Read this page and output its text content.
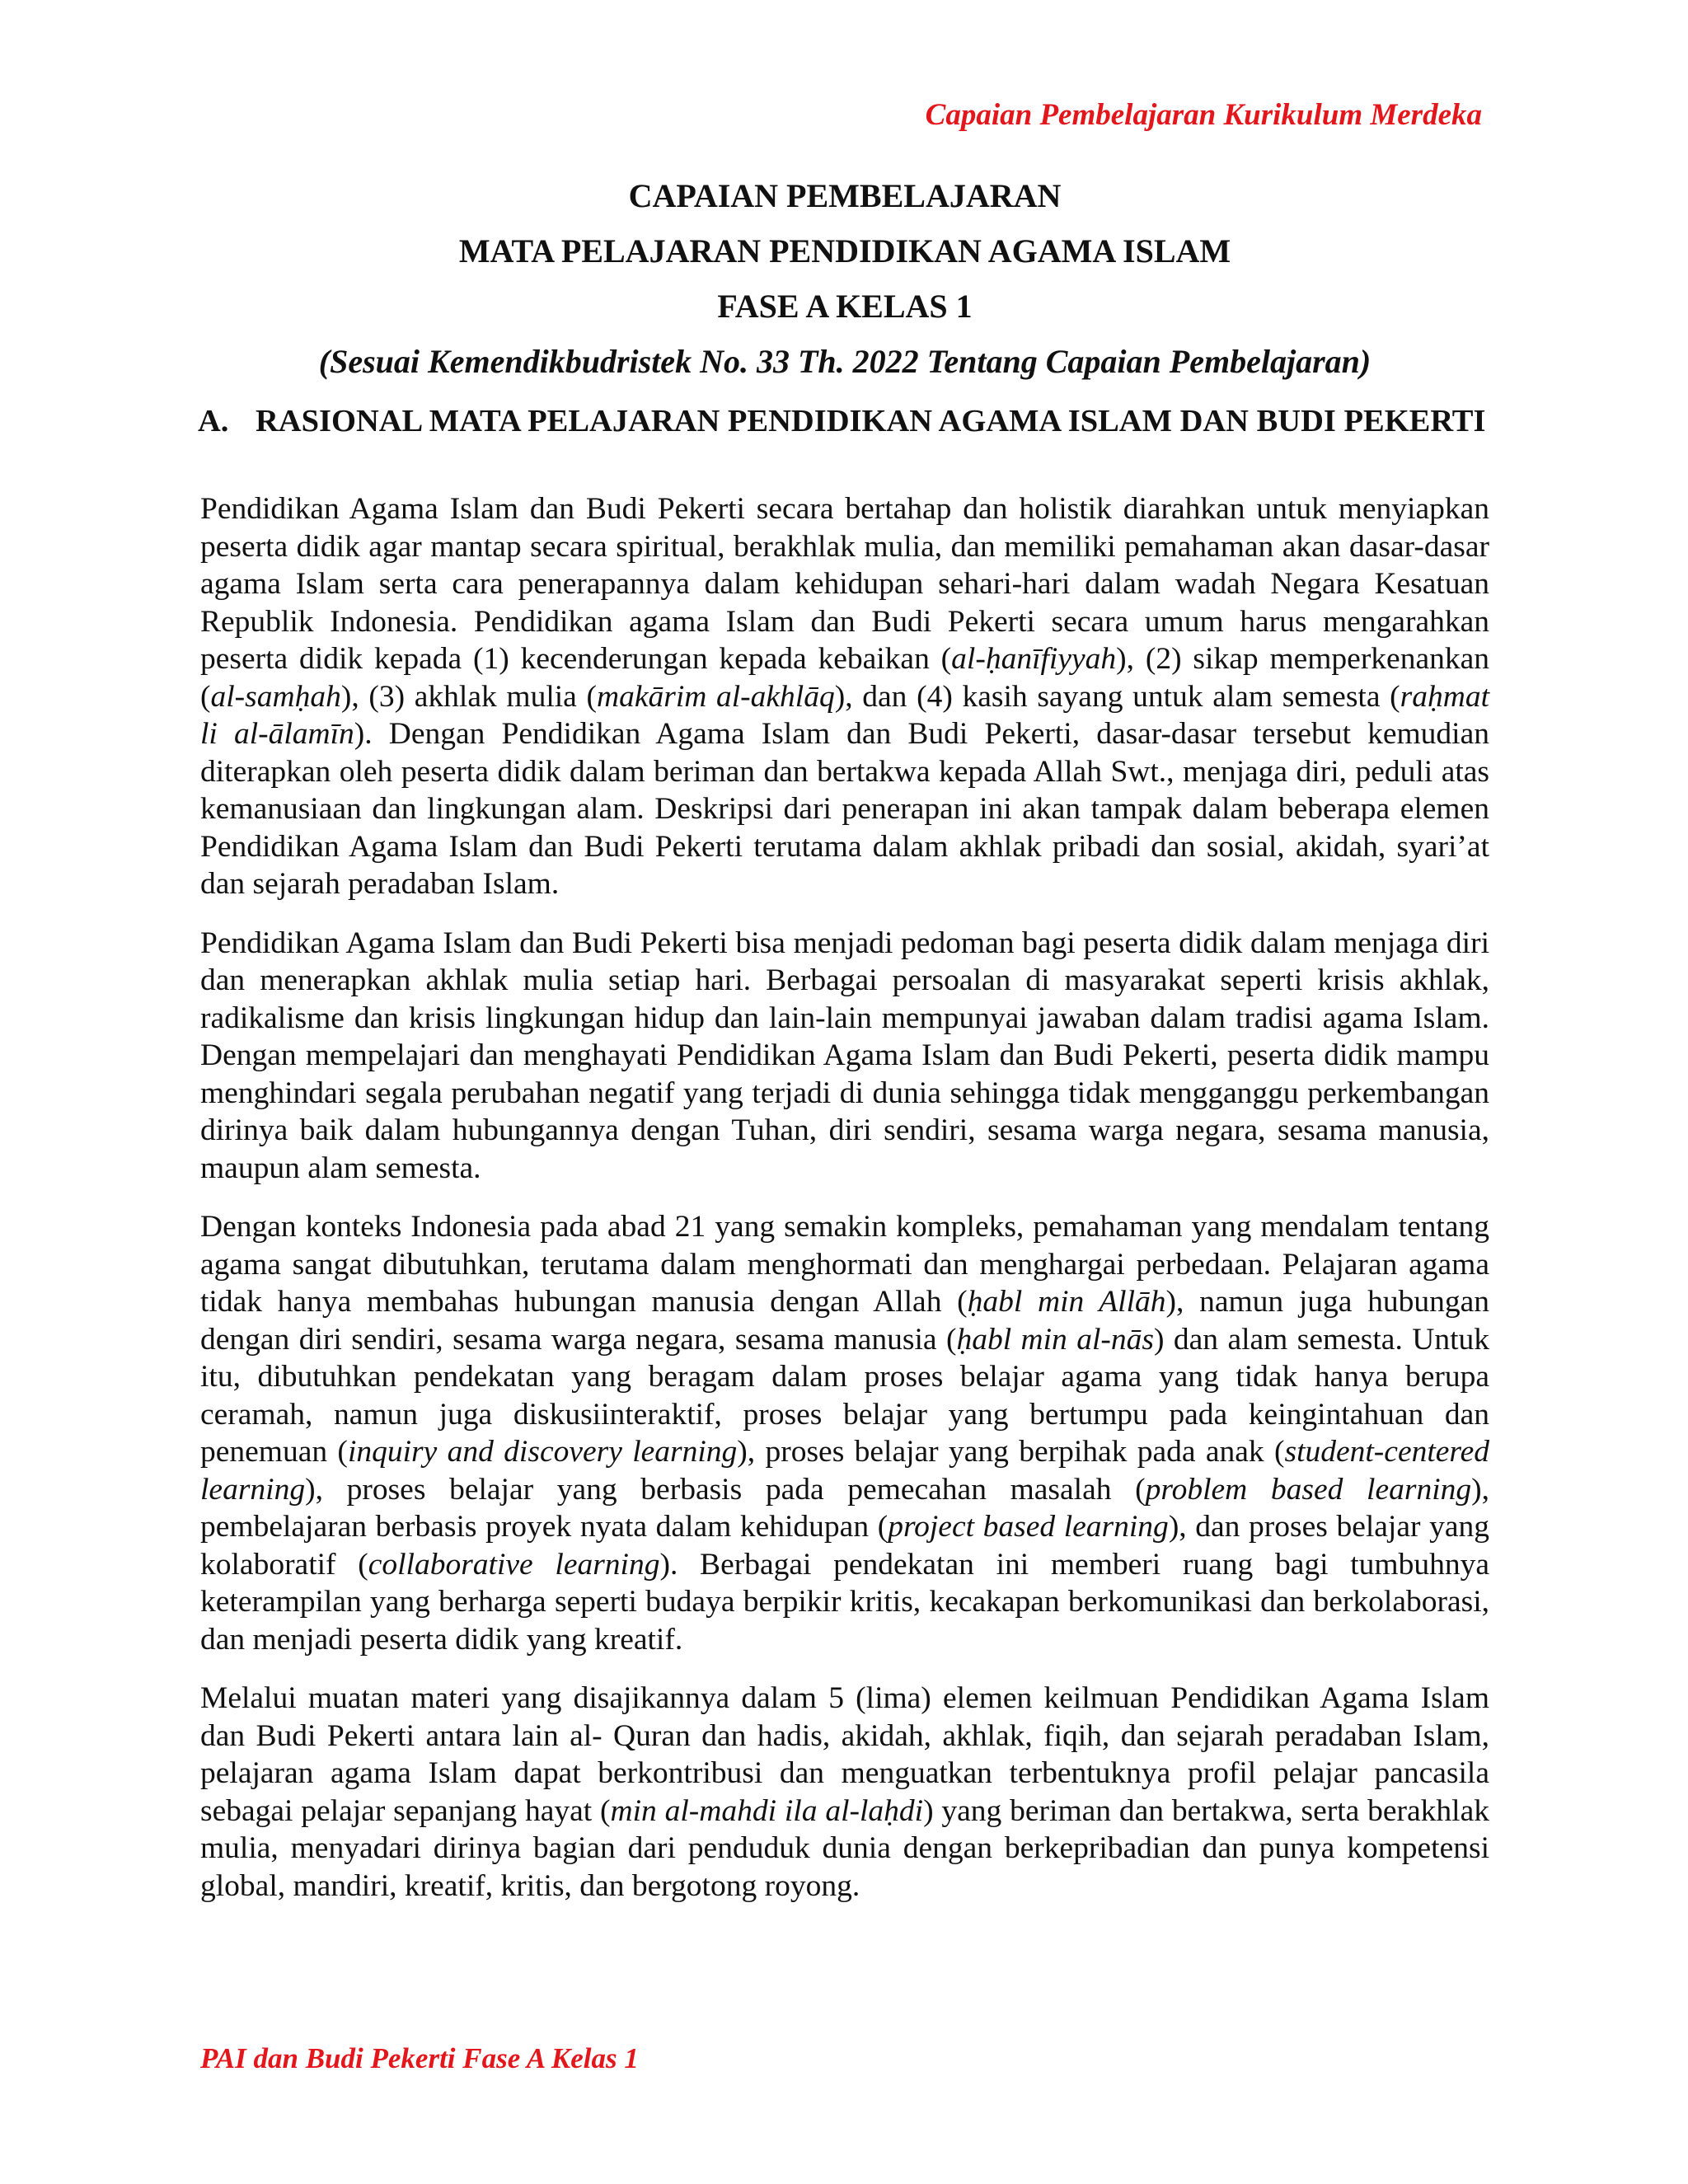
Capaian Pembelajaran Kurikulum Merdeka
CAPAIAN PEMBELAJARAN
MATA PELAJARAN PENDIDIKAN AGAMA ISLAM
FASE A KELAS 1
(Sesuai Kemendikbudristek No. 33 Th. 2022 Tentang Capaian Pembelajaran)
A. RASIONAL MATA PELAJARAN PENDIDIKAN AGAMA ISLAM DAN BUDI PEKERTI

Pendidikan Agama Islam dan Budi Pekerti secara bertahap dan holistik diarahkan untuk menyiapkan peserta didik agar mantap secara spiritual, berakhlak mulia, dan memiliki pemahaman akan dasar-dasar agama Islam serta cara penerapannya dalam kehidupan sehari-hari dalam wadah Negara Kesatuan Republik Indonesia. Pendidikan agama Islam dan Budi Pekerti secara umum harus mengarahkan peserta didik kepada (1) kecenderungan kepada kebaikan (al-ḥanīfiyyah), (2) sikap memperkenankan (al-samḥah), (3) akhlak mulia (makārim al-akhlāq), dan (4) kasih sayang untuk alam semesta (raḥmat li al-ālamīn). Dengan Pendidikan Agama Islam dan Budi Pekerti, dasar-dasar tersebut kemudian diterapkan oleh peserta didik dalam beriman dan bertakwa kepada Allah Swt., menjaga diri, peduli atas kemanusiaan dan lingkungan alam. Deskripsi dari penerapan ini akan tampak dalam beberapa elemen Pendidikan Agama Islam dan Budi Pekerti terutama dalam akhlak pribadi dan sosial, akidah, syari’at dan sejarah peradaban Islam.

Pendidikan Agama Islam dan Budi Pekerti bisa menjadi pedoman bagi peserta didik dalam menjaga diri dan menerapkan akhlak mulia setiap hari. Berbagai persoalan di masyarakat seperti krisis akhlak, radikalisme dan krisis lingkungan hidup dan lain-lain mempunyai jawaban dalam tradisi agama Islam. Dengan mempelajari dan menghayati Pendidikan Agama Islam dan Budi Pekerti, peserta didik mampu menghindari segala perubahan negatif yang terjadi di dunia sehingga tidak mengganggu perkembangan dirinya baik dalam hubungannya dengan Tuhan, diri sendiri, sesama warga negara, sesama manusia, maupun alam semesta.

Dengan konteks Indonesia pada abad 21 yang semakin kompleks, pemahaman yang mendalam tentang agama sangat dibutuhkan, terutama dalam menghormati dan menghargai perbedaan. Pelajaran agama tidak hanya membahas hubungan manusia dengan Allah (ḥabl min Allāh), namun juga hubungan dengan diri sendiri, sesama warga negara, sesama manusia (ḥabl min al-nās) dan alam semesta. Untuk itu, dibutuhkan pendekatan yang beragam dalam proses belajar agama yang tidak hanya berupa ceramah, namun juga diskusiinteraktif, proses belajar yang bertumpu pada keingintahuan dan penemuan (inquiry and discovery learning), proses belajar yang berpihak pada anak (student-centered learning), proses belajar yang berbasis pada pemecahan masalah (problem based learning), pembelajaran berbasis proyek nyata dalam kehidupan (project based learning), dan proses belajar yang kolaboratif (collaborative learning). Berbagai pendekatan ini memberi ruang bagi tumbuhnya keterampilan yang berharga seperti budaya berpikir kritis, kecakapan berkomunikasi dan berkolaborasi, dan menjadi peserta didik yang kreatif.

Melalui muatan materi yang disajikannya dalam 5 (lima) elemen keilmuan Pendidikan Agama Islam dan Budi Pekerti antara lain al- Quran dan hadis, akidah, akhlak, fiqih, dan sejarah peradaban Islam, pelajaran agama Islam dapat berkontribusi dan menguatkan terbentuknya profil pelajar pancasila sebagai pelajar sepanjang hayat (min al-mahdi ila al-laḥdi) yang beriman dan bertakwa, serta berakhlak mulia, menyadari dirinya bagian dari penduduk dunia dengan berkepribadian dan punya kompetensi global, mandiri, kreatif, kritis, dan bergotong royong.

PAI dan Budi Pekerti Fase A Kelas 1
